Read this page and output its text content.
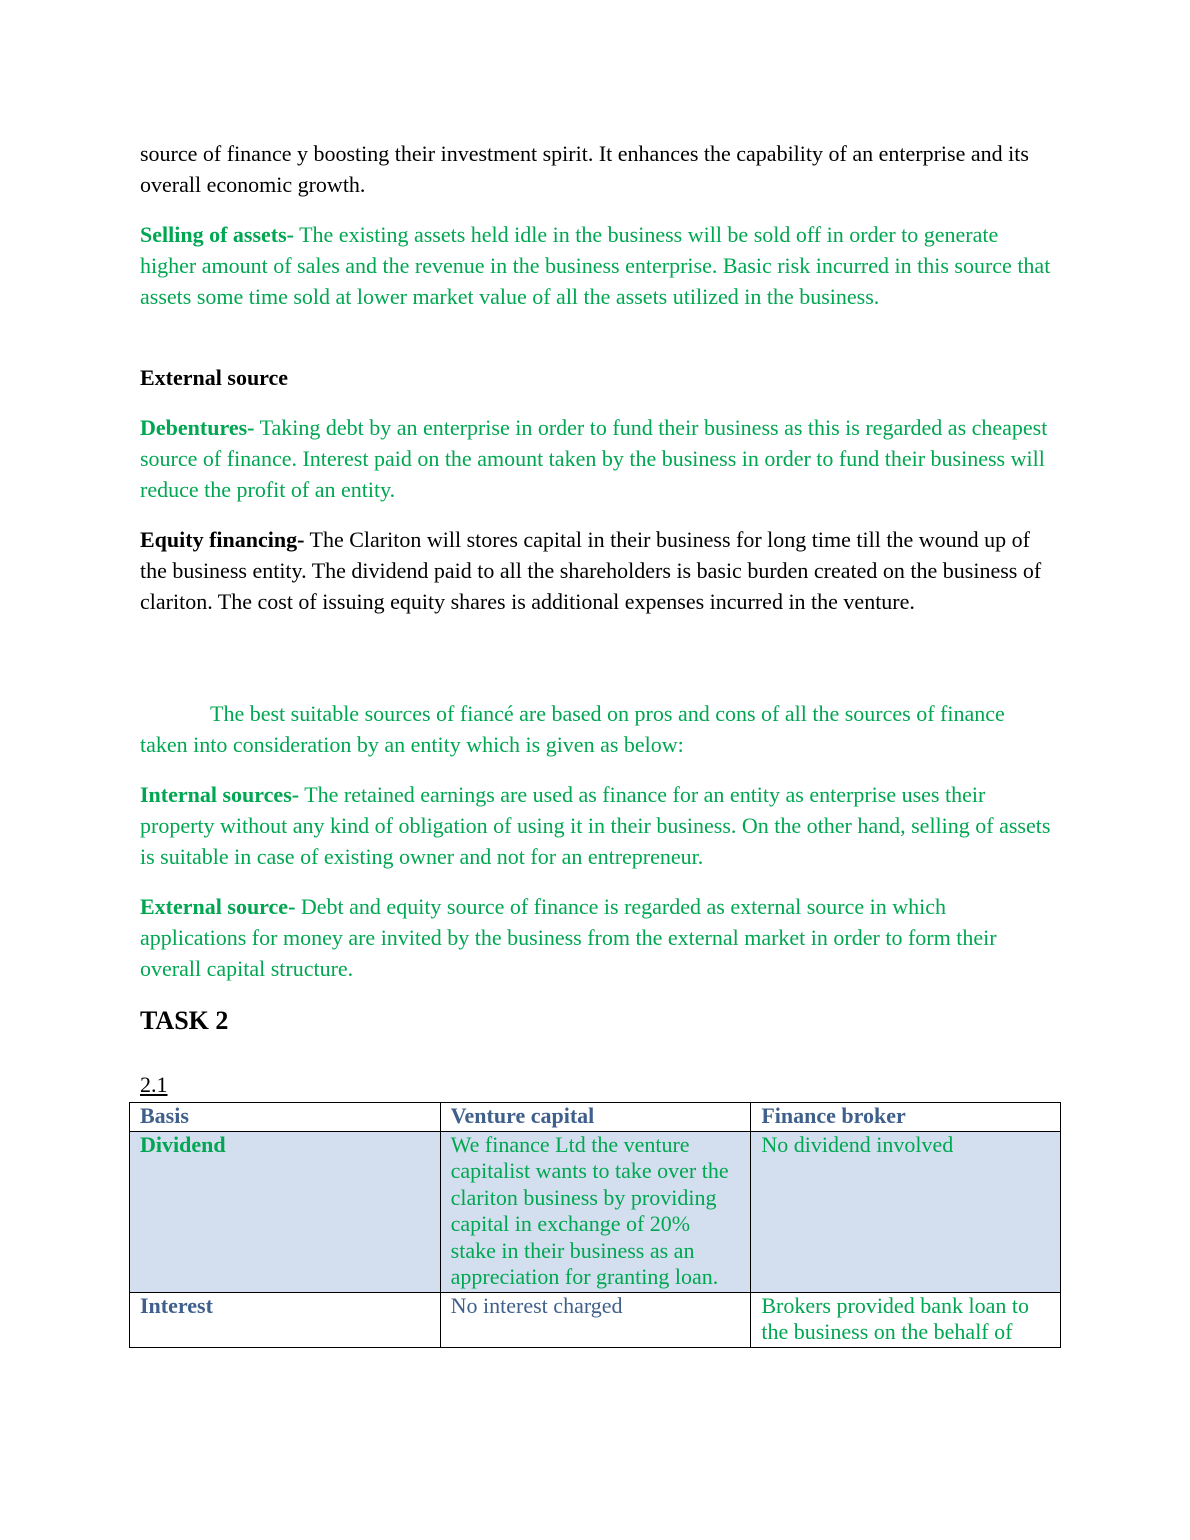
source of finance y boosting their investment spirit. It enhances the capability of an enterprise and its overall economic growth.

Selling of assets- The existing assets held idle in the business will be sold off in order to generate higher amount of sales and the revenue in the business enterprise. Basic risk incurred in this source that assets some time sold at lower market value of all the assets utilized in the business.

External source

Debentures- Taking debt by an enterprise in order to fund their business as this is regarded as cheapest source of finance. Interest paid on the amount taken by the business in order to fund their business will reduce the profit of an entity.

Equity financing- The Clariton will stores capital in their business for long time till the wound up of the business entity. The dividend paid to all the shareholders is basic burden created on the business of clariton. The cost of issuing equity shares is additional expenses incurred in the venture.

The best suitable sources of fiancé are based on pros and cons of all the sources of finance taken into consideration by an entity which is given as below:

Internal sources- The retained earnings are used as finance for an entity as enterprise uses their property without any kind of obligation of using it in their business. On the other hand, selling of assets is suitable in case of existing owner and not for an entrepreneur.

External source- Debt and equity source of finance is regarded as external source in which applications for money are invited by the business from the external market in order to form their overall capital structure.

TASK 2

2.1

Basis	Venture capital	Finance broker
Dividend	We finance Ltd the venture capitalist wants to take over the clariton business by providing capital in exchange of 20% stake in their business as an appreciation for granting loan.	No dividend involved
Interest	No interest charged	Brokers provided bank loan to the business on the behalf of
